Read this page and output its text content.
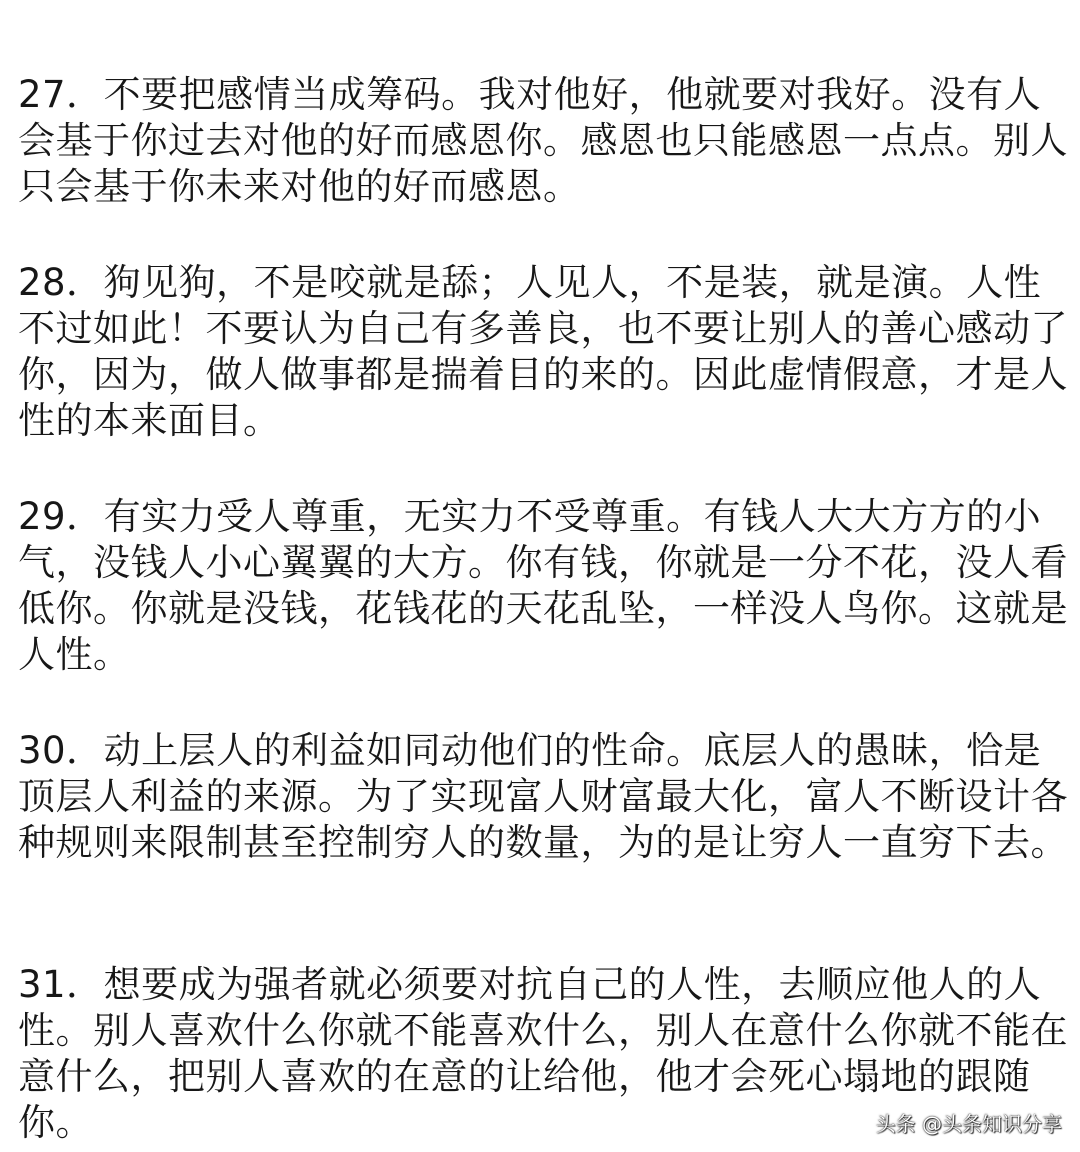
27．不要把感情当成筹码。我对他好，他就要对我好。没有人会基于你过去对他的好而感恩你。感恩也只能感恩一点点。别人只会基于你未来对他的好而感恩。

28．狗见狗，不是咬就是舔；人见人，不是装，就是演。人性不过如此！不要认为自己有多善良，也不要让别人的善心感动了你，因为，做人做事都是揣着目的来的。因此虚情假意，才是人性的本来面目。

29．有实力受人尊重，无实力不受尊重。有钱人大大方方的小气，没钱人小心翼翼的大方。你有钱，你就是一分不花，没人看低你。你就是没钱，花钱花的天花乱坠，一样没人鸟你。这就是人性。

30．动上层人的利益如同动他们的性命。底层人的愚昧，恰是顶层人利益的来源。为了实现富人财富最大化，富人不断设计各种规则来限制甚至控制穷人的数量，为的是让穷人一直穷下去。

31．想要成为强者就必须要对抗自己的人性，去顺应他人的人性。别人喜欢什么你就不能喜欢什么，别人在意什么你就不能在意什么，把别人喜欢的在意的让给他，他才会死心塌地的跟随你。	头条 @头条知识分享
